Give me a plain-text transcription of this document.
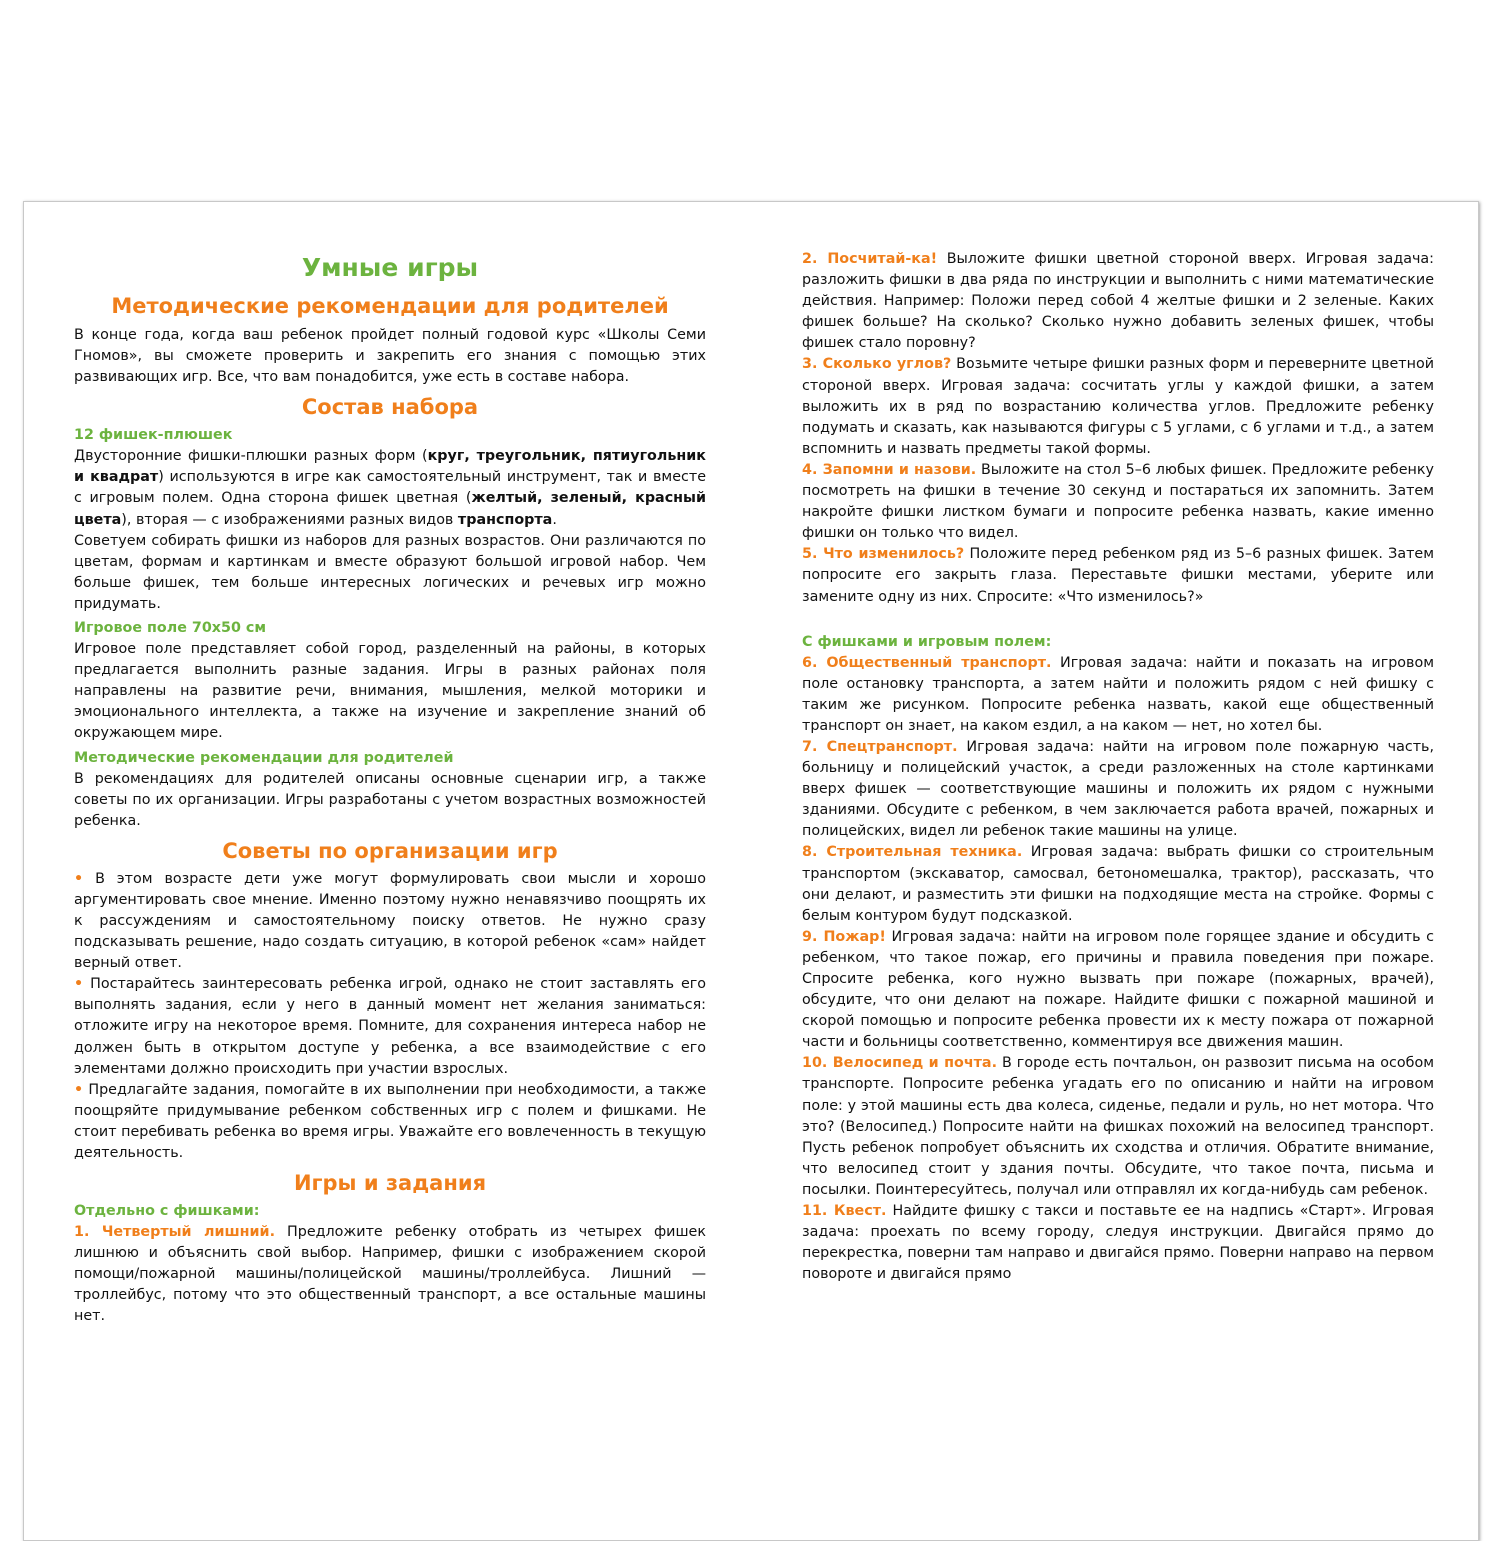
Умные игры
Методические рекомендации для родителей

В конце года, когда ваш ребенок пройдет полный годовой курс «Школы Семи Гномов», вы сможете проверить и закрепить его знания с помощью этих развивающих игр. Все, что вам понадобится, уже есть в составе набора.

Состав набора
12 фишек-плюшек

Двусторонние фишки-плюшки разных форм (круг, треугольник, пятиугольник и квадрат) используются в игре как самостоятельный инструмент, так и вместе с игровым полем. Одна сторона фишек цветная (желтый, зеленый, красный цвета), вторая — с изображениями разных видов транспорта.

Советуем собирать фишки из наборов для разных возрастов. Они различаются по цветам, формам и картинкам и вместе образуют большой игровой набор. Чем больше фишек, тем больше интересных логических и речевых игр можно придумать.

Игровое поле 70х50 см

Игровое поле представляет собой город, разделенный на районы, в которых предлагается выполнить разные задания. Игры в разных районах поля направлены на развитие речи, внимания, мышления, мелкой моторики и эмоционального интеллекта, а также на изучение и закрепление знаний об окружающем мире.

Методические рекомендации для родителей

В рекомендациях для родителей описаны основные сценарии игр, а также советы по их организации. Игры разработаны с учетом возрастных возможностей ребенка.

Советы по организации игр

• В этом возрасте дети уже могут формулировать свои мысли и хорошо аргументировать свое мнение. Именно поэтому нужно ненавязчиво поощрять их к рассуждениям и самостоятельному поиску ответов. Не нужно сразу подсказывать решение, надо создать ситуацию, в которой ребенок «сам» найдет верный ответ.

• Постарайтесь заинтересовать ребенка игрой, однако не стоит заставлять его выполнять задания, если у него в данный момент нет желания заниматься: отложите игру на некоторое время. Помните, для сохранения интереса набор не должен быть в открытом доступе у ребенка, а все взаимодействие с его элементами должно происходить при участии взрослых.

• Предлагайте задания, помогайте в их выполнении при необходимости, а также поощряйте придумывание ребенком собственных игр с полем и фишками. Не стоит перебивать ребенка во время игры. Уважайте его вовлеченность в текущую деятельность.

Игры и задания
Отдельно с фишками:

1. Четвертый лишний. Предложите ребенку отобрать из четырех фишек лишнюю и объяснить свой выбор. Например, фишки с изображением скорой помощи/пожарной машины/полицейской машины/троллейбуса. Лишний — троллейбус, потому что это общественный транспорт, а все остальные машины нет.

2. Посчитай-ка! Выложите фишки цветной стороной вверх. Игровая задача: разложить фишки в два ряда по инструкции и выполнить с ними математические действия. Например: Положи перед собой 4 желтые фишки и 2 зеленые. Каких фишек больше? На сколько? Сколько нужно добавить зеленых фишек, чтобы фишек стало поровну?

3. Сколько углов? Возьмите четыре фишки разных форм и переверните цветной стороной вверх. Игровая задача: сосчитать углы у каждой фишки, а затем выложить их в ряд по возрастанию количества углов. Предложите ребенку подумать и сказать, как называются фигуры с 5 углами, с 6 углами и т.д., а затем вспомнить и назвать предметы такой формы.

4. Запомни и назови. Выложите на стол 5–6 любых фишек. Предложите ребенку посмотреть на фишки в течение 30 секунд и постараться их запомнить. Затем накройте фишки листком бумаги и попросите ребенка назвать, какие именно фишки он только что видел.

5. Что изменилось? Положите перед ребенком ряд из 5–6 разных фишек. Затем попросите его закрыть глаза. Переставьте фишки местами, уберите или замените одну из них. Спросите: «Что изменилось?»

С фишками и игровым полем:

6. Общественный транспорт. Игровая задача: найти и показать на игровом поле остановку транспорта, а затем найти и положить рядом с ней фишку с таким же рисунком. Попросите ребенка назвать, какой еще общественный транспорт он знает, на каком ездил, а на каком — нет, но хотел бы.

7. Спецтранспорт. Игровая задача: найти на игровом поле пожарную часть, больницу и полицейский участок, а среди разложенных на столе картинками вверх фишек — соответствующие машины и положить их рядом с нужными зданиями. Обсудите с ребенком, в чем заключается работа врачей, пожарных и полицейских, видел ли ребенок такие машины на улице.

8. Строительная техника. Игровая задача: выбрать фишки со строительным транспортом (экскаватор, самосвал, бетономешалка, трактор), рассказать, что они делают, и разместить эти фишки на подходящие места на стройке. Формы с белым контуром будут подсказкой.

9. Пожар! Игровая задача: найти на игровом поле горящее здание и обсудить с ребенком, что такое пожар, его причины и правила поведения при пожаре. Спросите ребенка, кого нужно вызвать при пожаре (пожарных, врачей), обсудите, что они делают на пожаре. Найдите фишки с пожарной машиной и скорой помощью и попросите ребенка провести их к месту пожара от пожарной части и больницы соответственно, комментируя все движения машин.

10. Велосипед и почта. В городе есть почтальон, он развозит письма на особом транспорте. Попросите ребенка угадать его по описанию и найти на игровом поле: у этой машины есть два колеса, сиденье, педали и руль, но нет мотора. Что это? (Велосипед.) Попросите найти на фишках похожий на велосипед транспорт. Пусть ребенок попробует объяснить их сходства и отличия. Обратите внимание, что велосипед стоит у здания почты. Обсудите, что такое почта, письма и посылки. Поинтересуйтесь, получал или отправлял их когда-нибудь сам ребенок.

11. Квест. Найдите фишку с такси и поставьте ее на надпись «Старт». Игровая задача: проехать по всему городу, следуя инструкции. Двигайся прямо до перекрестка, поверни там направо и двигайся прямо. Поверни направо на первом повороте и двигайся прямо
